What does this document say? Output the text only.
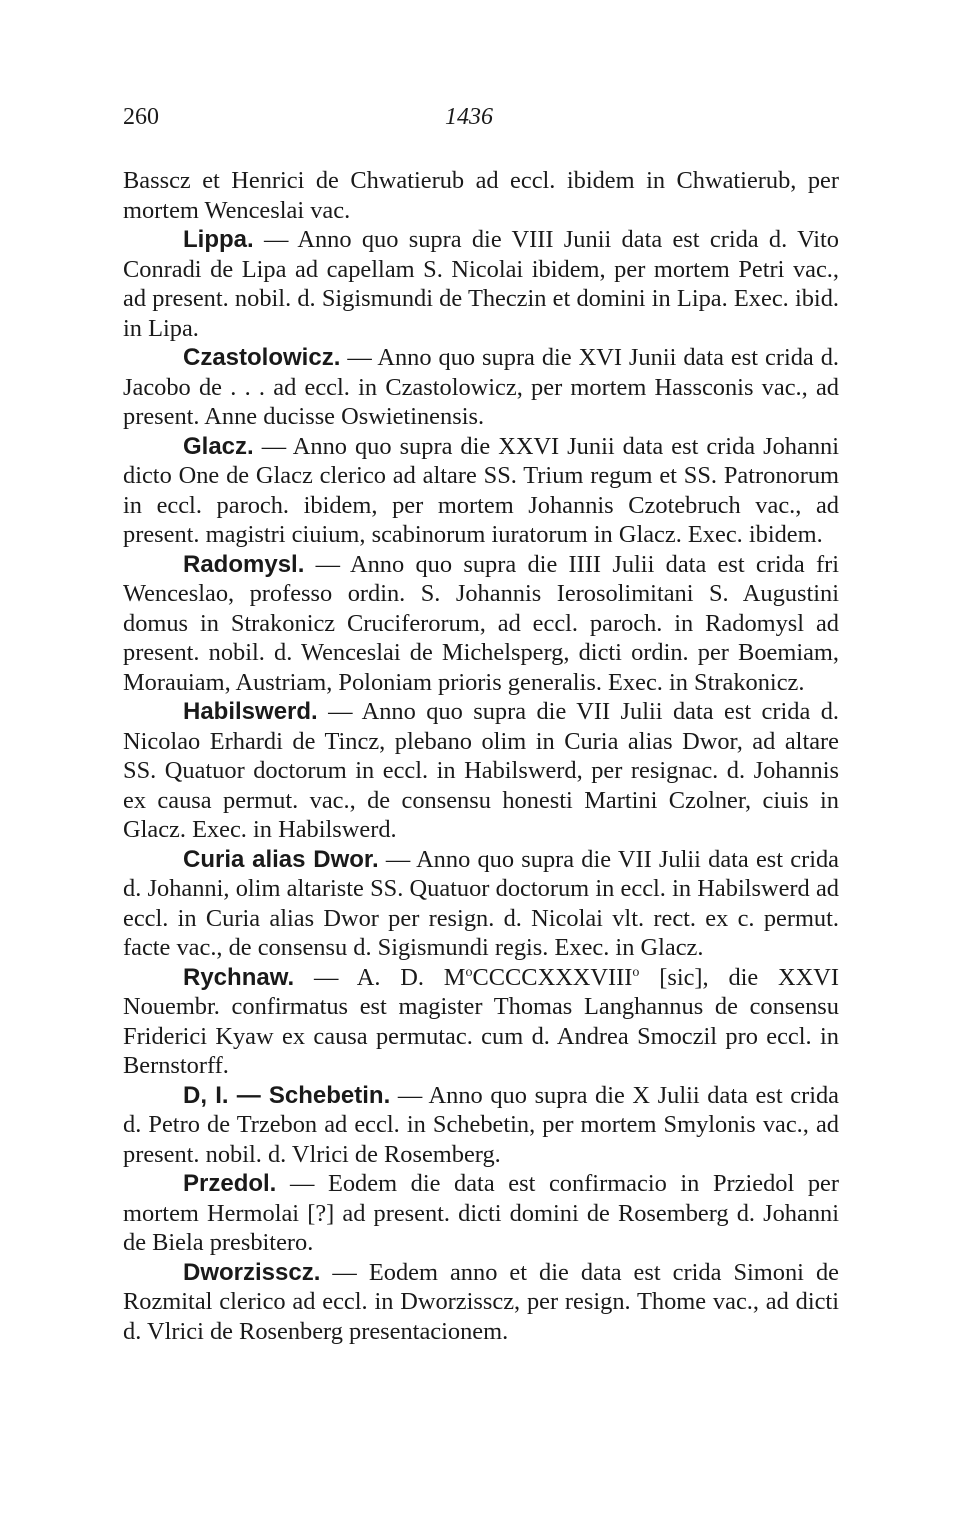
260	1436

Basscz et Henrici de Chwatierub ad eccl. ibidem in Chwatierub, per mortem Wenceslai vac.

Lippa. — Anno quo supra die VIII Junii data est crida d. Vito Conradi de Lipa ad capellam S. Nicolai ibidem, per mortem Petri vac., ad present. nobil. d. Sigismundi de Theczin et domini in Lipa. Exec. ibid. in Lipa.

Czastolowicz. — Anno quo supra die XVI Junii data est crida d. Jacobo de . . . ad eccl. in Czastolowicz, per mortem Hassconis vac., ad present. Anne ducisse Oswietinensis.

Glacz. — Anno quo supra die XXVI Junii data est crida Johanni dicto One de Glacz clerico ad altare SS. Trium regum et SS. Patronorum in eccl. paroch. ibidem, per mortem Johannis Czotebruch vac., ad present. magistri ciuium, scabinorum iuratorum in Glacz. Exec. ibidem.

Radomysl. — Anno quo supra die IIII Julii data est crida fri Wenceslao, professo ordin. S. Johannis Ierosolimitani S. Augustini domus in Strakonicz Cruciferorum, ad eccl. paroch. in Radomysl ad present. nobil. d. Wenceslai de Michelsperg, dicti ordin. per Boemiam, Morauiam, Austriam, Poloniam prioris generalis. Exec. in Strakonicz.

Habilswerd. — Anno quo supra die VII Julii data est crida d. Nicolao Erhardi de Tincz, plebano olim in Curia alias Dwor, ad altare SS. Quatuor doctorum in eccl. in Habilswerd, per resignac. d. Johannis ex causa permut. vac., de consensu honesti Martini Czolner, ciuis in Glacz. Exec. in Habilswerd.

Curia alias Dwor. — Anno quo supra die VII Julii data est crida d. Johanni, olim altariste SS. Quatuor doctorum in eccl. in Habilswerd ad eccl. in Curia alias Dwor per resign. d. Nicolai vlt. rect. ex c. permut. facte vac., de consensu d. Sigismundi regis. Exec. in Glacz.

Rychnaw. — A. D. $M^oCCCCXXXVIII^o$ [sic], die XXVI Nouembr. confirmatus est magister Thomas Langhannus de consensu Friderici Kyaw ex causa permutac. cum d. Andrea Smoczil pro eccl. in Bernstorff.

D, I. — Schebetin. — Anno quo supra die X Julii data est crida d. Petro de Trzebon ad eccl. in Schebetin, per mortem Smylonis vac., ad present. nobil. d. Vlrici de Rosemberg.

Przedol. — Eodem die data est confirmacio in Prziedol per mortem Hermolai [?] ad present. dicti domini de Rosemberg d. Johanni de Biela presbitero.

Dworzisscz. — Eodem anno et die data est crida Simoni de Rozmital clerico ad eccl. in Dworzisscz, per resign. Thome vac., ad dicti d. Vlrici de Rosenberg presentacionem.
